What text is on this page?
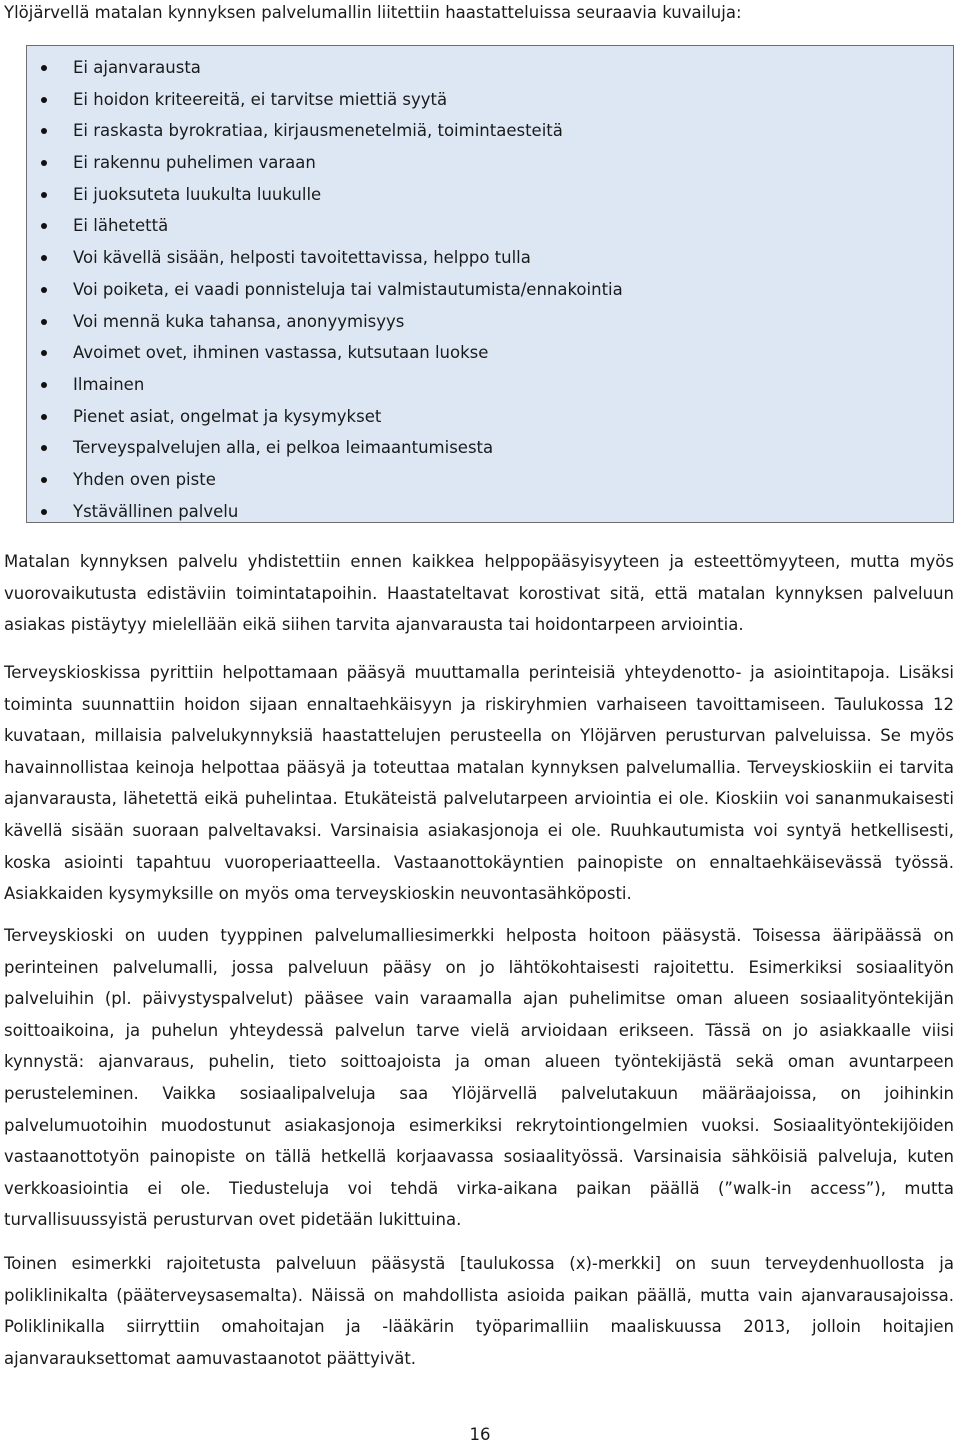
Ylöjärvellä matalan kynnyksen palvelumallin liitettiin haastatteluissa seuraavia kuvailuja:
Ei ajanvarausta
Ei hoidon kriteereitä, ei tarvitse miettiä syytä
Ei raskasta byrokratiaa, kirjausmenetelmiä, toimintaesteitä
Ei rakennu puhelimen varaan
Ei juoksuteta luukulta luukulle
Ei lähetettä
Voi kävellä sisään, helposti tavoitettavissa, helppo tulla
Voi poiketa, ei vaadi ponnisteluja tai valmistautumista/ennakointia
Voi mennä kuka tahansa, anonyymisyys
Avoimet ovet, ihminen vastassa, kutsutaan luokse
Ilmainen
Pienet asiat, ongelmat ja kysymykset
Terveyspalvelujen alla, ei pelkoa leimaantumisesta
Yhden oven piste
Ystävällinen palvelu

Matalan kynnyksen palvelu yhdistettiin ennen kaikkea helppopääsyisyyteen ja esteettömyyteen, mutta myös vuorovaikutusta edistäviin toimintatapoihin. Haastateltavat korostivat sitä, että matalan kynnyksen palveluun asiakas pistäytyy mielellään eikä siihen tarvita ajanvarausta tai hoidontarpeen arviointia.

Terveyskioskissa pyrittiin helpottamaan pääsyä muuttamalla perinteisiä yhteydenotto- ja asiointitapoja. Lisäksi toiminta suunnattiin hoidon sijaan ennaltaehkäisyyn ja riskiryhmien varhaiseen tavoittamiseen. Taulukossa 12 kuvataan, millaisia palvelukynnyksiä haastattelujen perusteella on Ylöjärven perusturvan palveluissa. Se myös havainnollistaa keinoja helpottaa pääsyä ja toteuttaa matalan kynnyksen palvelumallia. Terveyskioskiin ei tarvita ajanvarausta, lähetettä eikä puhelintaa. Etukäteistä palvelutarpeen arviointia ei ole. Kioskiin voi sananmukaisesti kävellä sisään suoraan palveltavaksi. Varsinaisia asiakasjonoja ei ole. Ruuhkautumista voi syntyä hetkellisesti, koska asiointi tapahtuu vuoroperiaatteella. Vastaanottokäyntien painopiste on ennaltaehkäisevässä työssä. Asiakkaiden kysymyksille on myös oma terveyskioskin neuvontasähköposti.

Terveyskioski on uuden tyyppinen palvelumalliesimerkki helposta hoitoon pääsystä. Toisessa ääripäässä on perinteinen palvelumalli, jossa palveluun pääsy on jo lähtökohtaisesti rajoitettu. Esimerkiksi sosiaalityön palveluihin (pl. päivystyspalvelut) pääsee vain varaamalla ajan puhelimitse oman alueen sosiaalityöntekijän soittoaikoina, ja puhelun yhteydessä palvelun tarve vielä arvioidaan erikseen. Tässä on jo asiakkaalle viisi kynnystä: ajanvaraus, puhelin, tieto soittoajoista ja oman alueen työntekijästä sekä oman avuntarpeen perusteleminen. Vaikka sosiaalipalveluja saa Ylöjärvellä palvelutakuun määräajoissa, on joihinkin palvelumuotoihin muodostunut asiakasjonoja esimerkiksi rekrytointiongelmien vuoksi. Sosiaalityöntekijöiden vastaanottotyön painopiste on tällä hetkellä korjaavassa sosiaalityössä. Varsinaisia sähköisiä palveluja, kuten verkkoasiointia ei ole. Tiedusteluja voi tehdä virka-aikana paikan päällä (”walk-in access”), mutta turvallisuussyistä perusturvan ovet pidetään lukittuina.

Toinen esimerkki rajoitetusta palveluun pääsystä [taulukossa (x)-merkki] on suun terveydenhuollosta ja poliklinikalta (pääterveysasemalta). Näissä on mahdollista asioida paikan päällä, mutta vain ajanvarausajoissa. Poliklinikalla siirryttiin omahoitajan ja -lääkärin työparimalliin maaliskuussa 2013, jolloin hoitajien ajanvarauksettomat aamuvastaanotot päättyivät.

16
